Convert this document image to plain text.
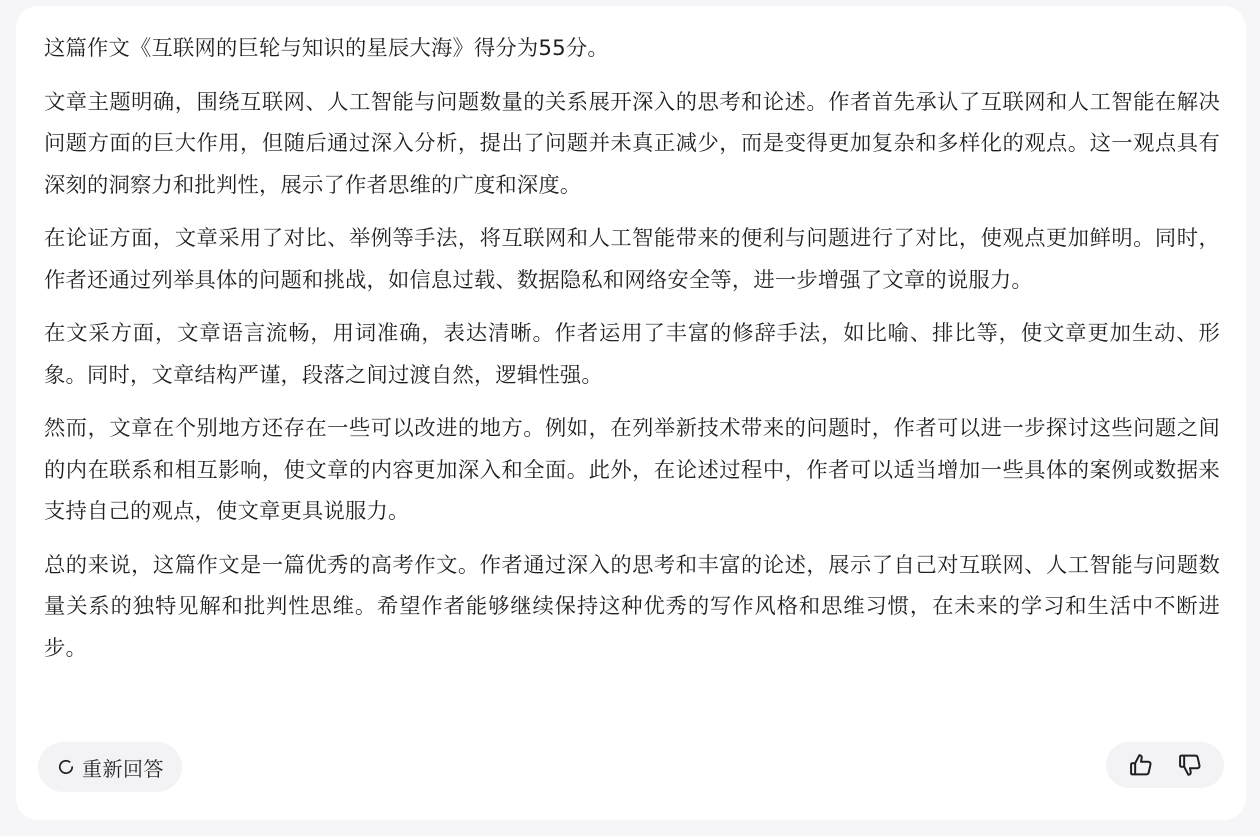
这篇作文《互联网的巨轮与知识的星辰大海》得分为55分。

文章主题明确，围绕互联网、人工智能与问题数量的关系展开深入的思考和论述。作者首先承认了互联网和人工智能在解决问题方面的巨大作用，但随后通过深入分析，提出了问题并未真正减少，而是变得更加复杂和多样化的观点。这一观点具有深刻的洞察力和批判性，展示了作者思维的广度和深度。

在论证方面，文章采用了对比、举例等手法，将互联网和人工智能带来的便利与问题进行了对比，使观点更加鲜明。同时，作者还通过列举具体的问题和挑战，如信息过载、数据隐私和网络安全等，进一步增强了文章的说服力。

在文采方面，文章语言流畅，用词准确，表达清晰。作者运用了丰富的修辞手法，如比喻、排比等，使文章更加生动、形象。同时，文章结构严谨，段落之间过渡自然，逻辑性强。

然而，文章在个别地方还存在一些可以改进的地方。例如，在列举新技术带来的问题时，作者可以进一步探讨这些问题之间的内在联系和相互影响，使文章的内容更加深入和全面。此外，在论述过程中，作者可以适当增加一些具体的案例或数据来支持自己的观点，使文章更具说服力。

总的来说，这篇作文是一篇优秀的高考作文。作者通过深入的思考和丰富的论述，展示了自己对互联网、人工智能与问题数量关系的独特见解和批判性思维。希望作者能够继续保持这种优秀的写作风格和思维习惯，在未来的学习和生活中不断进步。

重新回答
